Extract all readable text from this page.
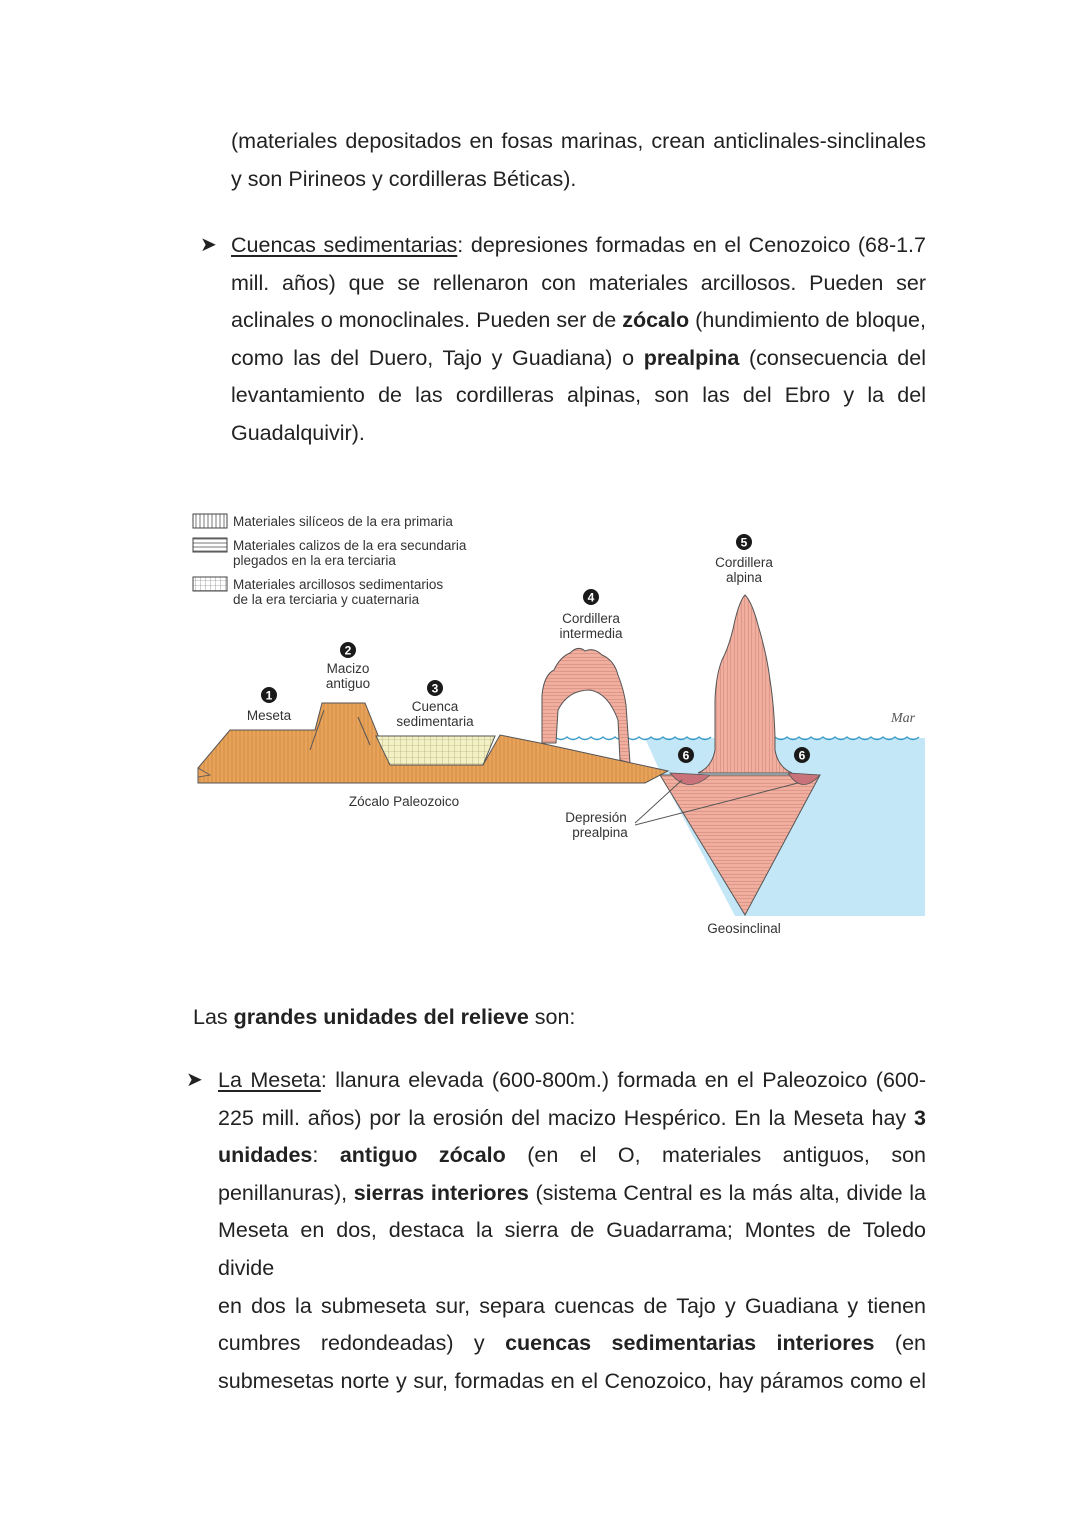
(materiales depositados en fosas marinas, crean anticlinales-sinclinales
y son Pirineos y cordilleras Béticas).
➤ Cuencas sedimentarias: depresiones formadas en el Cenozoico (68-1.7
mill. años) que se rellenaron con materiales arcillosos. Pueden ser
aclinales o monoclinales. Pueden ser de zócalo (hundimiento de bloque,
como las del Duero, Tajo y Guadiana) o prealpina (consecuencia del
levantamiento de las cordilleras alpinas, son las del Ebro y la del
Guadalquivir).
Materiales silíceos de la era primaria
Materiales calizos de la era secundaria
plegados en la era terciaria
Materiales arcillosos sedimentarios
de la era terciaria y cuaternaria
1
Meseta
2
Macizo
antiguo	3
Cuenca
sedimentaria
4
Cordillera
intermedia
5
Cordillera
alpina
6	6
Mar
Zócalo Paleozoico
Depresión
prealpina
Geosinclinal
Las grandes unidades del relieve son:
➤ La Meseta: llanura elevada (600-800m.) formada en el Paleozoico (600-
225 mill. años) por la erosión del macizo Hespérico. En la Meseta hay 3
unidades: antiguo zócalo (en el O, materiales antiguos, son
penillanuras), sierras interiores (sistema Central es la más alta, divide la
Meseta en dos, destaca la sierra de Guadarrama; Montes de Toledo divide
en dos la submeseta sur, separa cuencas de Tajo y Guadiana y tienen
cumbres redondeadas) y cuencas sedimentarias interiores (en
submesetas norte y sur, formadas en el Cenozoico, hay páramos como el
